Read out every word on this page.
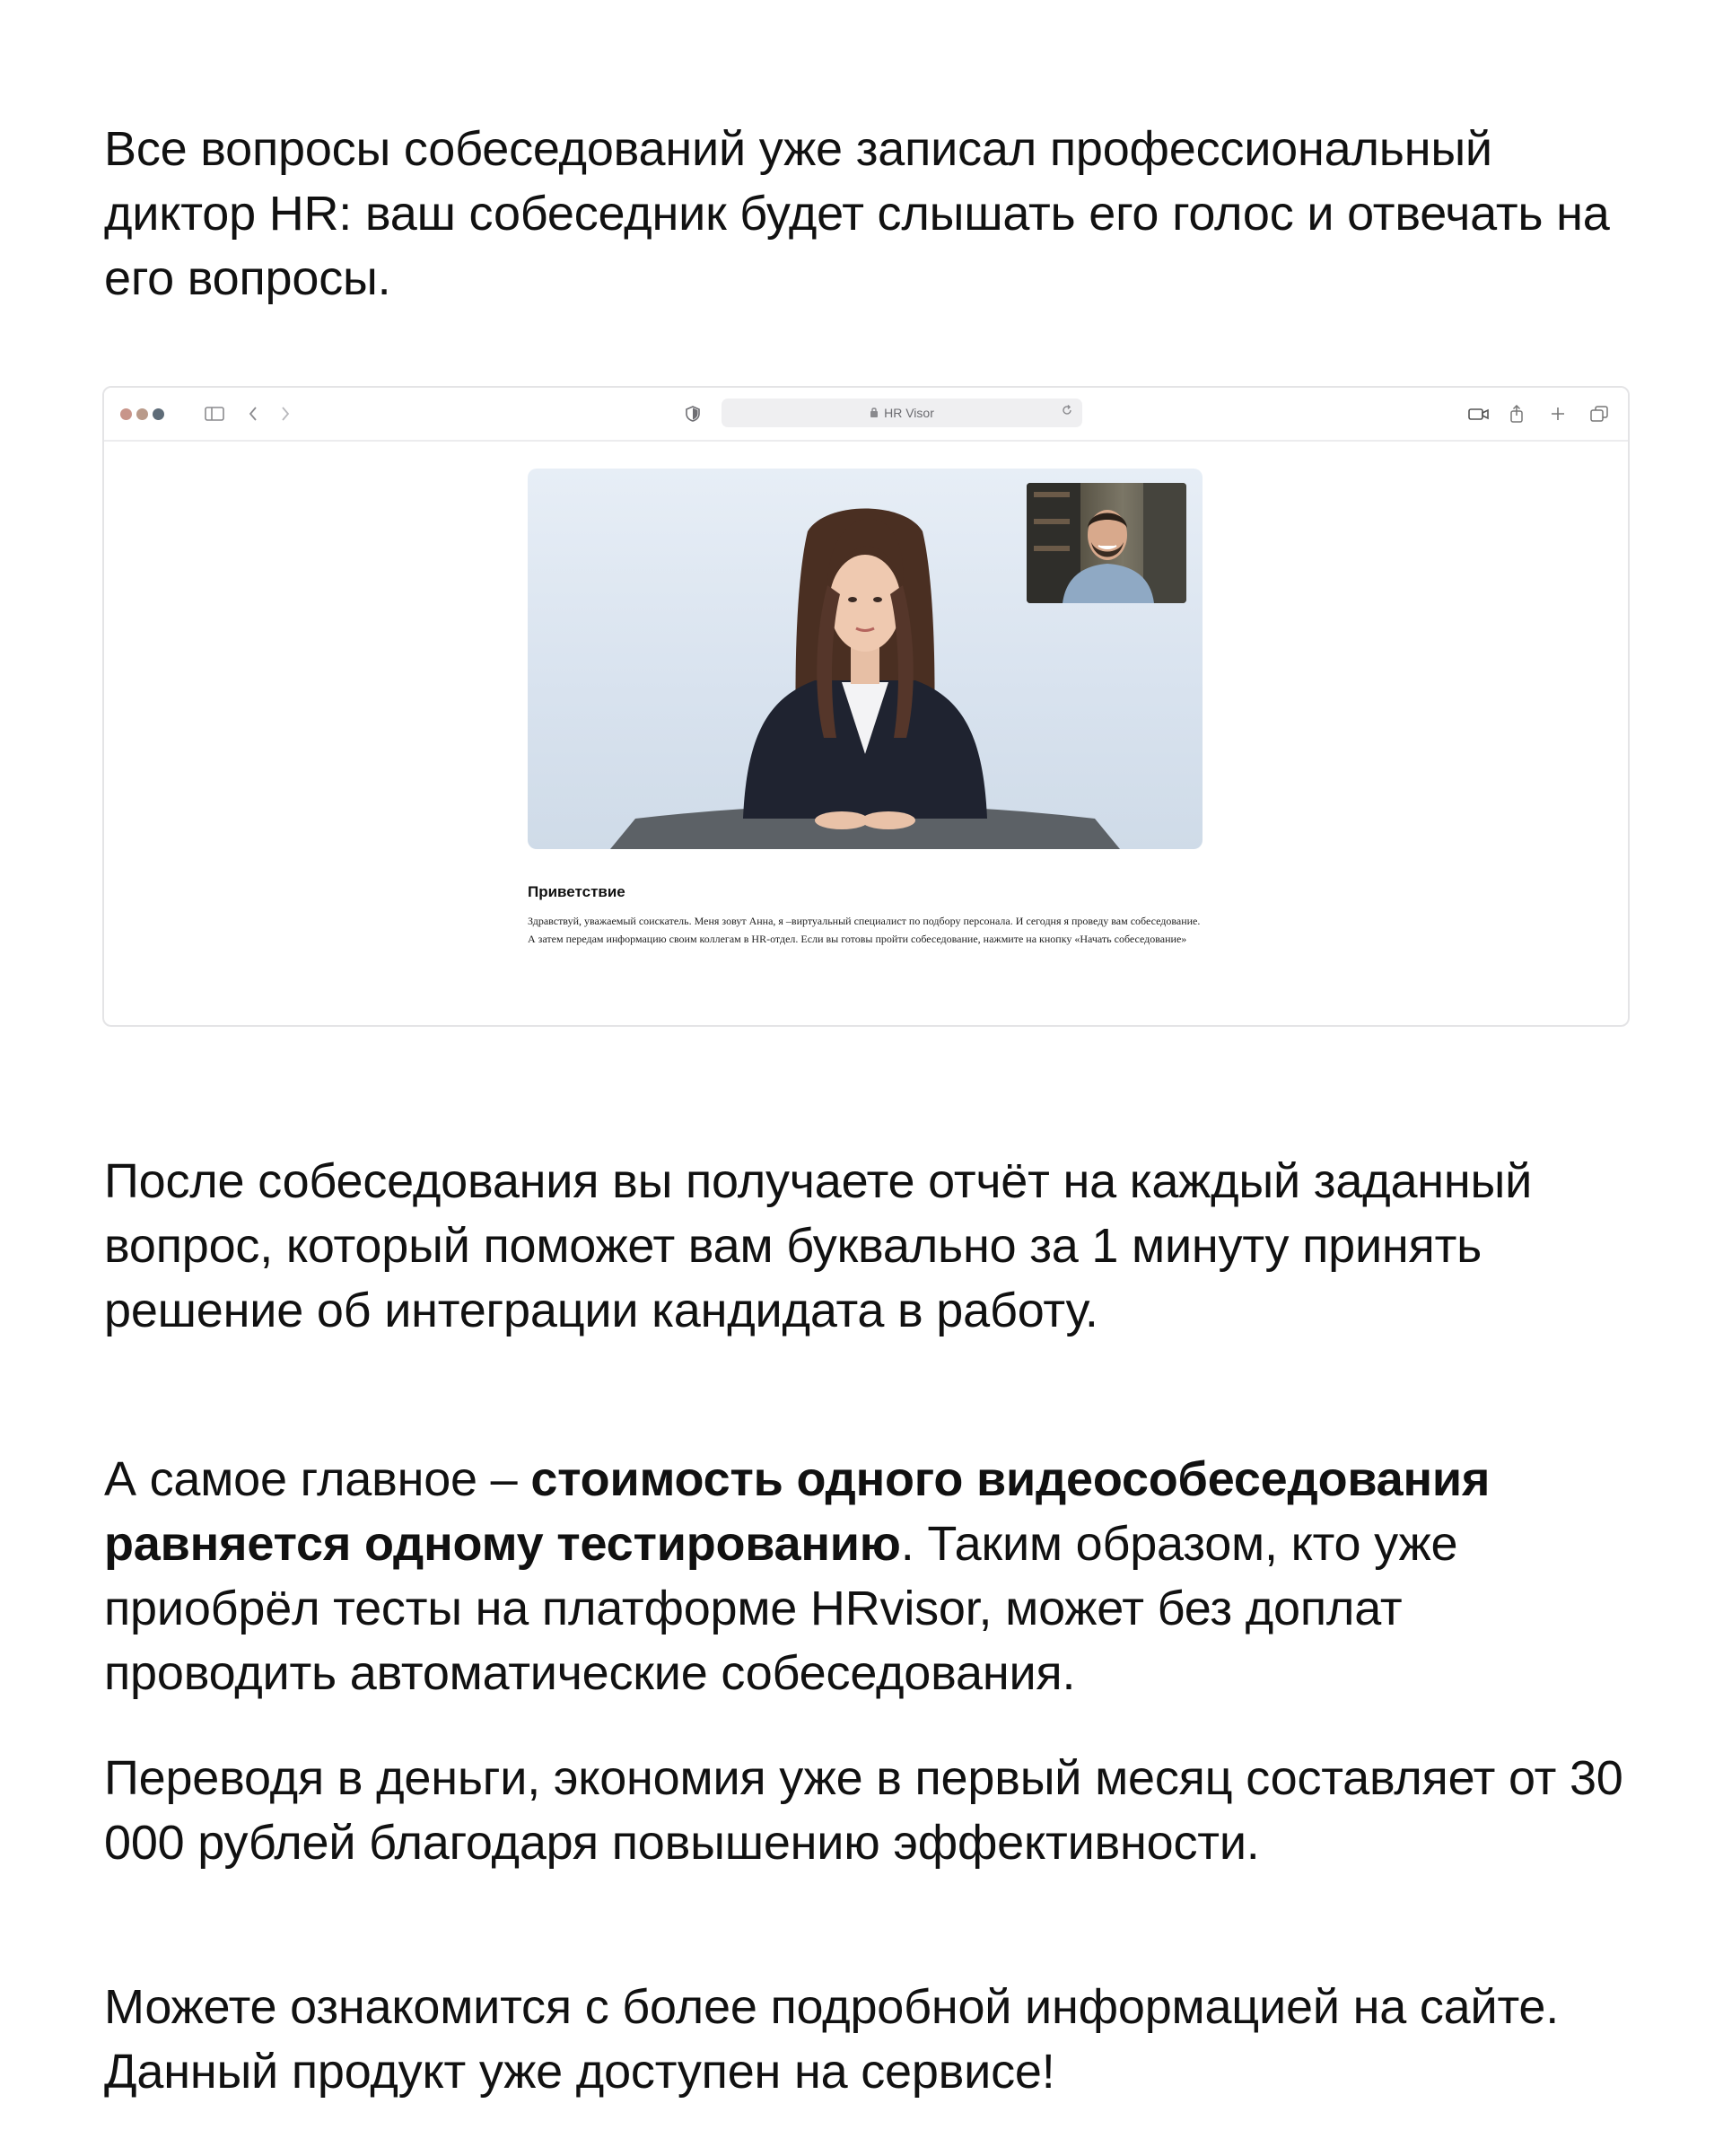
Все вопросы собеседований уже записал профессиональный диктор HR: ваш собеседник будет слышать его голос и отвечать на его вопросы.

HR Visor
Приветствие
Здравствуй, уважаемый соискатель. Меня зовут Анна, я –виртуальный специалист по подбору персонала. И сегодня я проведу вам собеседование. А затем передам информацию своим коллегам в HR-отдел. Если вы готовы пройти собеседование, нажмите на кнопку «Начать собеседование»

После собеседования вы получаете отчёт на каждый заданный вопрос, который поможет вам буквально за 1 минуту принять решение об интеграции кандидата в работу.

А самое главное – стоимость одного видеособеседования равняется одному тестированию. Таким образом, кто уже приобрёл тесты на платформе HRvisor, может без доплат проводить автоматические собеседования.

Переводя в деньги, экономия уже в первый месяц составляет от 30 000 рублей благодаря повышению эффективности.

Можете ознакомится с более подробной информацией на сайте. Данный продукт уже доступен на сервисе!
